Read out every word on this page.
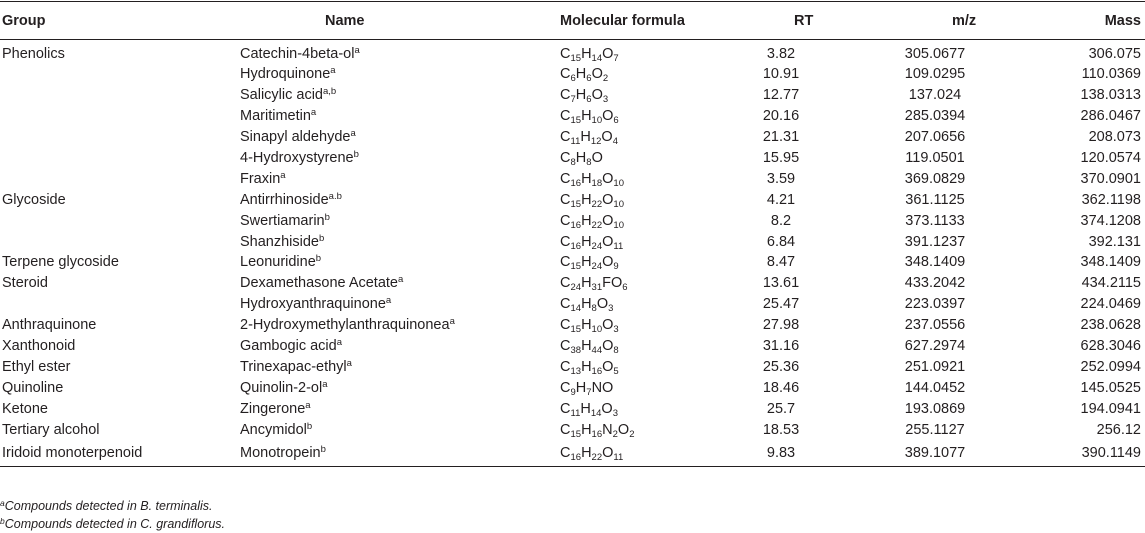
Group	Name	Molecular formula	RT	m/z	Mass
Phenolics	Catechin-$4beta-ol^a$	$C_{15}H_{14}O_7$	3.82	305.0677	306.075
	Hydroquinone$^a$	$C_6H_6O_2$	10.91	109.0295	110.0369
	Salicylic acid$^{a,b}$	$C_7H_6O_3$	12.77	137.024	138.0313
	Maritimetin$^a$	$C_{15}H_{10}O_6$	20.16	285.0394	286.0467
	Sinapyl aldehyde$^a$	$C_{11}H_{12}O_4$	21.31	207.0656	208.073
	4-Hydroxystyrene$^b$	$C_8H_8O$	15.95	119.0501	120.0574
	Fraxin$^a$	$C_{16}H_{18}O_{10}$	3.59	369.0829	370.0901
Glycoside	Antirrhinoside$^{a.b}$	$C_{15}H_{22}O_{10}$	4.21	361.1125	362.1198
	Swertiamarin$^b$	$C_{16}H_{22}O_{10}$	8.2	373.1133	374.1208
	Shanzhiside$^b$	$C_{16}H_{24}O_{11}$	6.84	391.1237	392.131
Terpene glycoside	Leonuridine$^b$	$C_{15}H_{24}O_9$	8.47	348.1409	348.1409
Steroid	Dexamethasone Acetate$^a$	$C_{24}H_{31}FO_6$	13.61	433.2042	434.2115
	Hydroxyanthraquinone$^a$	$C_{14}H_8O_3$	25.47	223.0397	224.0469
Anthraquinone	2-Hydroxymethylanthraquinonea$^a$	$C_{15}H_{10}O_3$	27.98	237.0556	238.0628
Xanthonoid	Gambogic acid$^a$	$C_{38}H_{44}O_8$	31.16	627.2974	628.3046
Ethyl ester	Trinexapac-ethyl$^a$	$C_{13}H_{16}O_5$	25.36	251.0921	252.0994
Quinoline	Quinolin-$2-ol^a$	$C_9H_7NO$	18.46	144.0452	145.0525
Ketone	Zingerone$^a$	$C_{11}H_{14}O_3$	25.7	193.0869	194.0941
Tertiary alcohol	Ancymidol$^b$	$C_{15}H_{16}N_2O_2$	18.53	255.1127	256.12
Iridoid monoterpenoid	Monotropein$^b$	$C_{16}H_{22}O_{11}$	9.83	389.1077	390.1149
$^a$Compounds detected in B. terminalis.
$^b$Compounds detected in C. grandiflorus.
